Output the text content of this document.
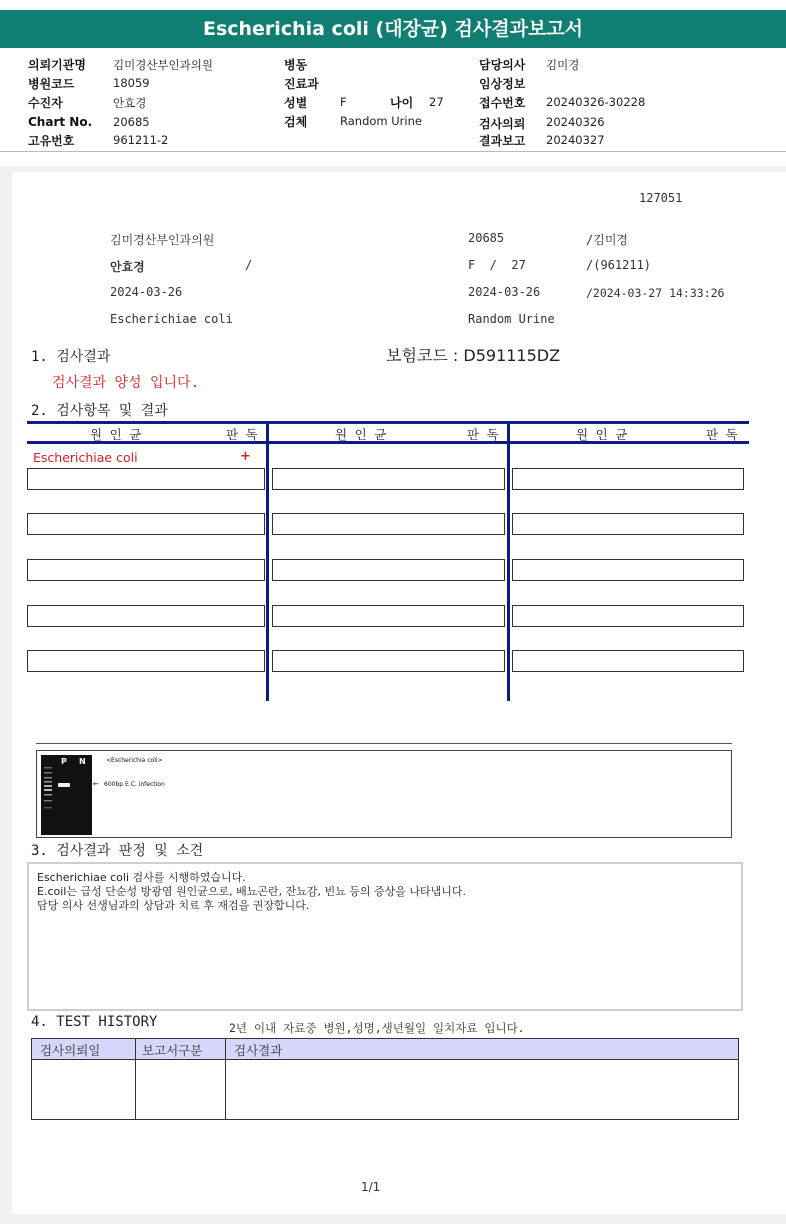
Escherichia coli (대장균) 검사결과보고서
의뢰기관명 김미경산부인과의원
병원코드	18059
수진자	안효경
Chart No. 20685
고유번호	961211-2
병동
진료과
성별	F	나이 27
검체	Random Urine
담당의사 김미경
임상정보
접수번호 20240326-30228
검사의뢰 20240326
결과보고 20240327
127051
김미경산부인과의원	20685	/김미경
안효경	/	F  /  27	/(961211)
2024-03-26	2024-03-26	/2024-03-27 14:33:26
Escherichiae coli	Random Urine
1. 검사결과	보험코드 : D591115DZ
검사결과 양성 입니다.
2. 검사항목 및 결과
원 인 균	판 독	원 인 균	판 독	원 인 균	판 독
Escherichiae coli	+
P N	<Escherichia coli>
← 600bp E.C. infection
3. 검사결과 판정 및 소견
Escherichiae coli 검사를 시행하였습니다.
E.coil는 급성 단순성 방광염 원인균으로, 배뇨곤란, 잔뇨감, 빈뇨 등의 증상을 나타냅니다.
담당 의사 선생님과의 상담과 치료 후 재검을 권장합니다.
4. TEST HISTORY	2년 이내 자료중 병원,성명,생년월일 일치자료 입니다.
검사의뢰일	보고서구분	검사결과
1/1
